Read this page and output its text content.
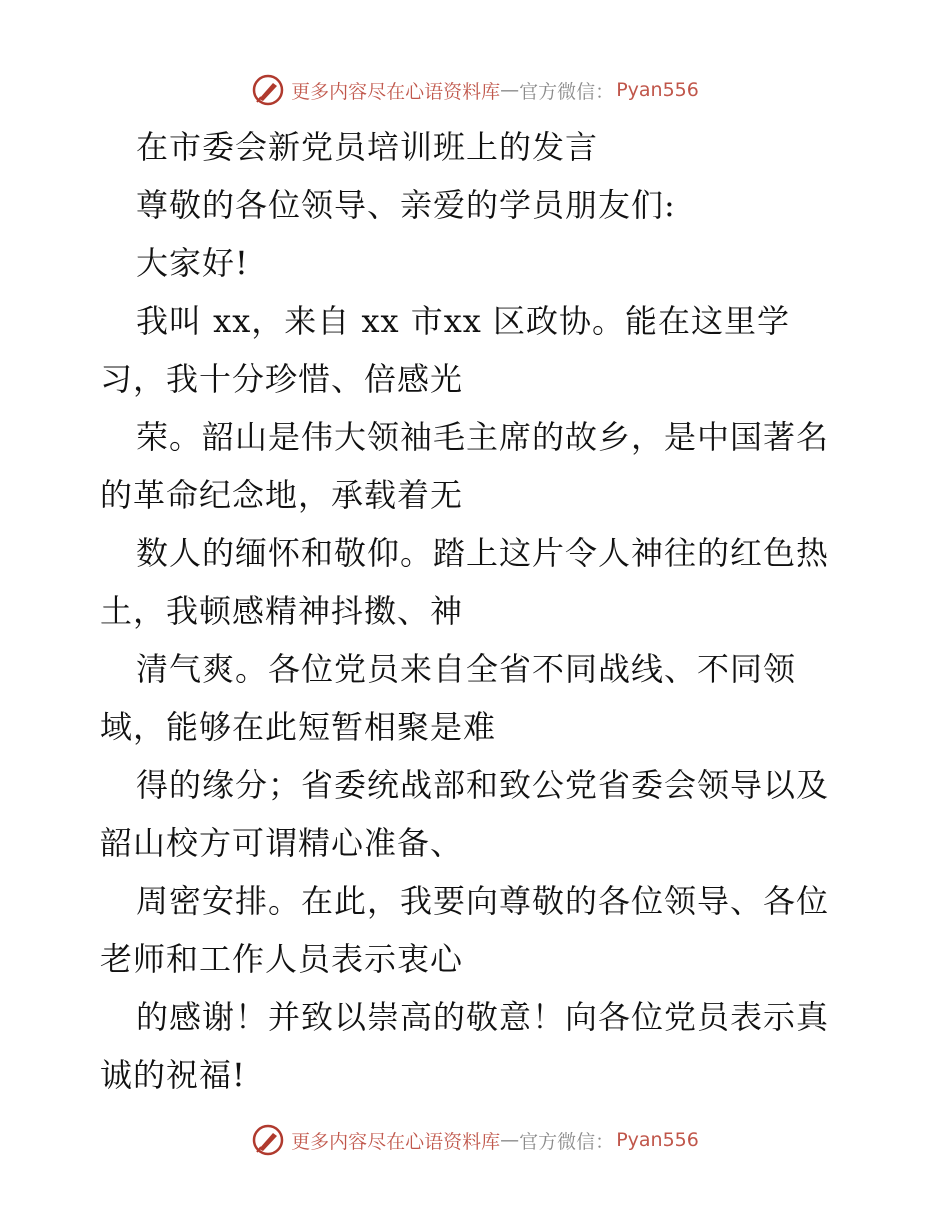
更多内容尽在心语资料库 — 官方微信 ： Pyan556
在市委会新党员培训班上的发言
尊敬的各位领导、亲爱的学员朋友们:
大家好!
我叫 xx，来自 xx 市xx 区政协。能在这里学
习，我十分珍惜、倍感光
荣。韶山是伟大领袖毛主席的故乡，是中国著名
的革命纪念地，承载着无
数人的缅怀和敬仰。踏上这片令人神往的红色热
土，我顿感精神抖擞、神
清气爽。各位党员来自全省不同战线、不同领
域，能够在此短暂相聚是难
得的缘分；省委统战部和致公党省委会领导以及
韶山校方可谓精心准备、
周密安排。在此，我要向尊敬的各位领导、各位
老师和工作人员表示衷心
的感谢！并致以崇高的敬意！向各位党员表示真
诚的祝福!
更多内容尽在心语资料库 — 官方微信 ： Pyan556
